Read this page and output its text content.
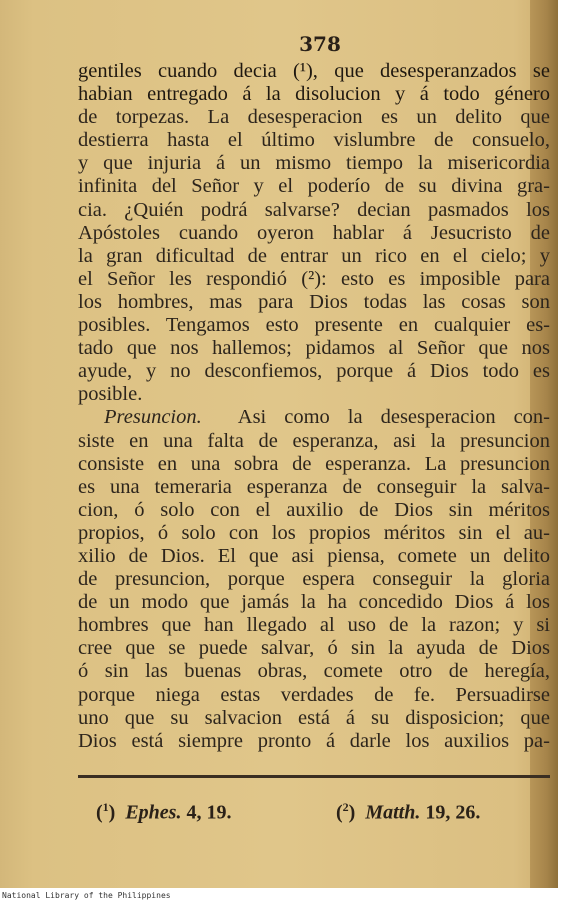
378
gentiles cuando decia (¹), que desesperanzados se
habian entregado á la disolucion y á todo género
de torpezas. La desesperacion es un delito que
destierra hasta el último vislumbre de consuelo,
y que injuria á un mismo tiempo la misericordia
infinita del Señor y el poderío de su divina gra-
cia. ¿Quién podrá salvarse? decian pasmados los
Apóstoles cuando oyeron hablar á Jesucristo de
la gran dificultad de entrar un rico en el cielo; y
el Señor les respondió (²): esto es imposible para
los hombres, mas para Dios todas las cosas son
posibles. Tengamos esto presente en cualquier es-
tado que nos hallemos; pidamos al Señor que nos
ayude, y no desconfiemos, porque á Dios todo es
posible.
Presuncion. Asi como la desesperacion con-
siste en una falta de esperanza, asi la presuncion
consiste en una sobra de esperanza. La presuncion
es una temeraria esperanza de conseguir la salva-
cion, ó solo con el auxilio de Dios sin méritos
propios, ó solo con los propios méritos sin el au-
xilio de Dios. El que asi piensa, comete un delito
de presuncion, porque espera conseguir la gloria
de un modo que jamás la ha concedido Dios á los
hombres que han llegado al uso de la razon; y si
cree que se puede salvar, ó sin la ayuda de Dios
ó sin las buenas obras, comete otro de heregía,
porque niega estas verdades de fe. Persuadirse
uno que su salvacion está á su disposicion; que
Dios está siempre pronto á darle los auxilios pa-
($^1$)  Ephes. 4, 19.	($^2$)  Matth. 19, 26.
National Library of the Philippines
